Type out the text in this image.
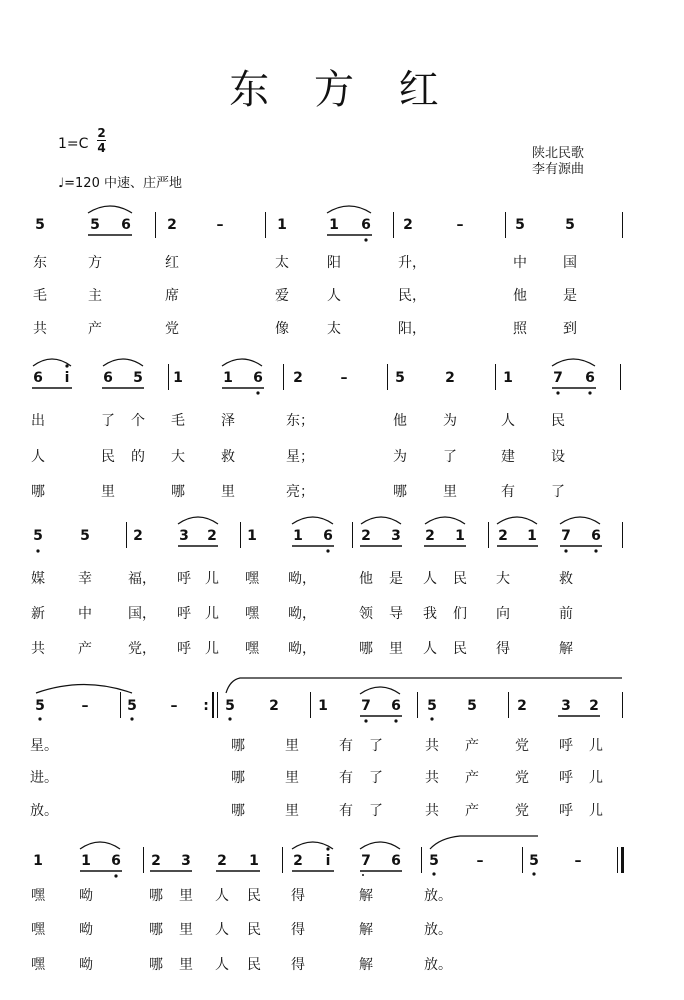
东 方 红
1=C
2
4
♩=120 中速、庄严地
陕北民歌
李有源曲
5	5 6	2	–	1	1 6 2	–	5	5
东	方	红	太	阳	升，	中	国
毛	主	席	爱	人	民，	他	是
共	产	党	像	太	阳，	照	到
6 i 6 5 1	1 6 2	–	5	2	1	7 6
出	了 个 毛	泽	东；	他	为	人	民
人	民 的 大	救	星；	为	了	建	设
哪	里	哪	里	亮；	哪	里	有	了
5	5	2	3 2 1	1 6 2 3 2 1 2 1 7 6
媒 幸	福， 呼 儿 嘿 呦，	他 是 人 民 大	救
新 中	国， 呼 儿 嘿 呦，	领 导 我 们 向	前
共 产	党， 呼 儿 嘿 呦，	哪 里 人 民 得	解
5	–	5 – : 5 2	1 7 6 5 5	2 3 2
星。	哪	里	有 了	共 产	党 呼 儿
进。	哪	里	有 了	共 产	党 呼 儿
放。	哪	里	有 了	共 产	党 呼 儿
1	1 6 2 3 2 1 2 i 7 6 5	–	5	–
嘿 呦	哪 里 人 民 得	解	放。
嘿 呦	哪 里 人 民 得	解	放。
嘿 呦	哪 里 人 民 得	解	放。
